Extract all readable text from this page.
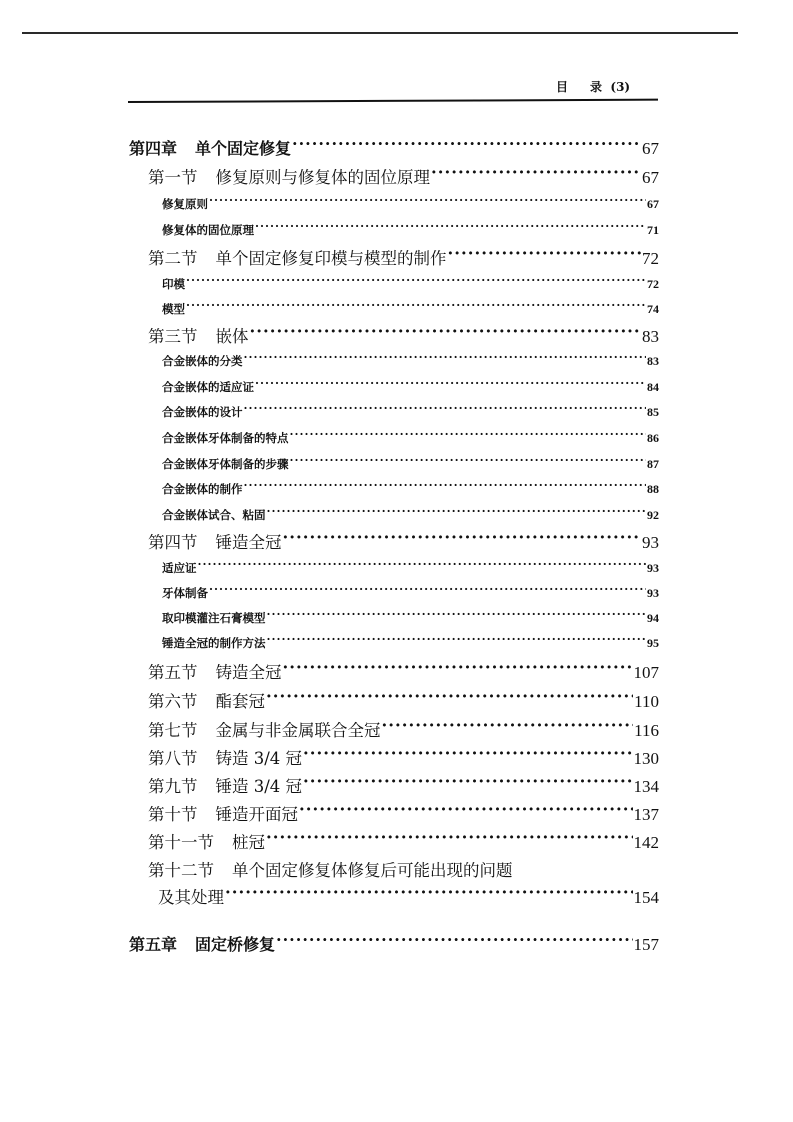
目 录 (3)
第四章 单个固定修复 ·····	67
第一节 修复原则与修复体的固位原理 ·····	67
修复原则 ·····	67
修复体的固位原理 ·····	71
第二节 单个固定修复印模与模型的制作 ·····	72
印模 ·····	72
模型 ·····	74
第三节 嵌体 ·····	83
合金嵌体的分类 ·····	83
合金嵌体的适应证 ·····	84
合金嵌体的设计 ·····	85
合金嵌体牙体制备的特点 ·····	86
合金嵌体牙体制备的步骤 ·····	87
合金嵌体的制作 ·····	88
合金嵌体试合、粘固 ·····	92
第四节 锤造全冠 ·····	93
适应证 ·····	93
牙体制备 ·····	93
取印模灌注石膏模型 ·····	94
锤造全冠的制作方法 ·····	95
第五节 铸造全冠 ·····	107
第六节 酯套冠 ·····	110
第七节 金属与非金属联合全冠 ·····	116
第八节 铸造 3/4 冠 ·····	130
第九节 锤造 3/4 冠 ·····	134
第十节 锤造开面冠 ·····	137
第十一节 桩冠 ·····	142
第十二节 单个固定修复体修复后可能出现的问题
及其处理 ·····	154
第五章 固定桥修复 ·····	157
